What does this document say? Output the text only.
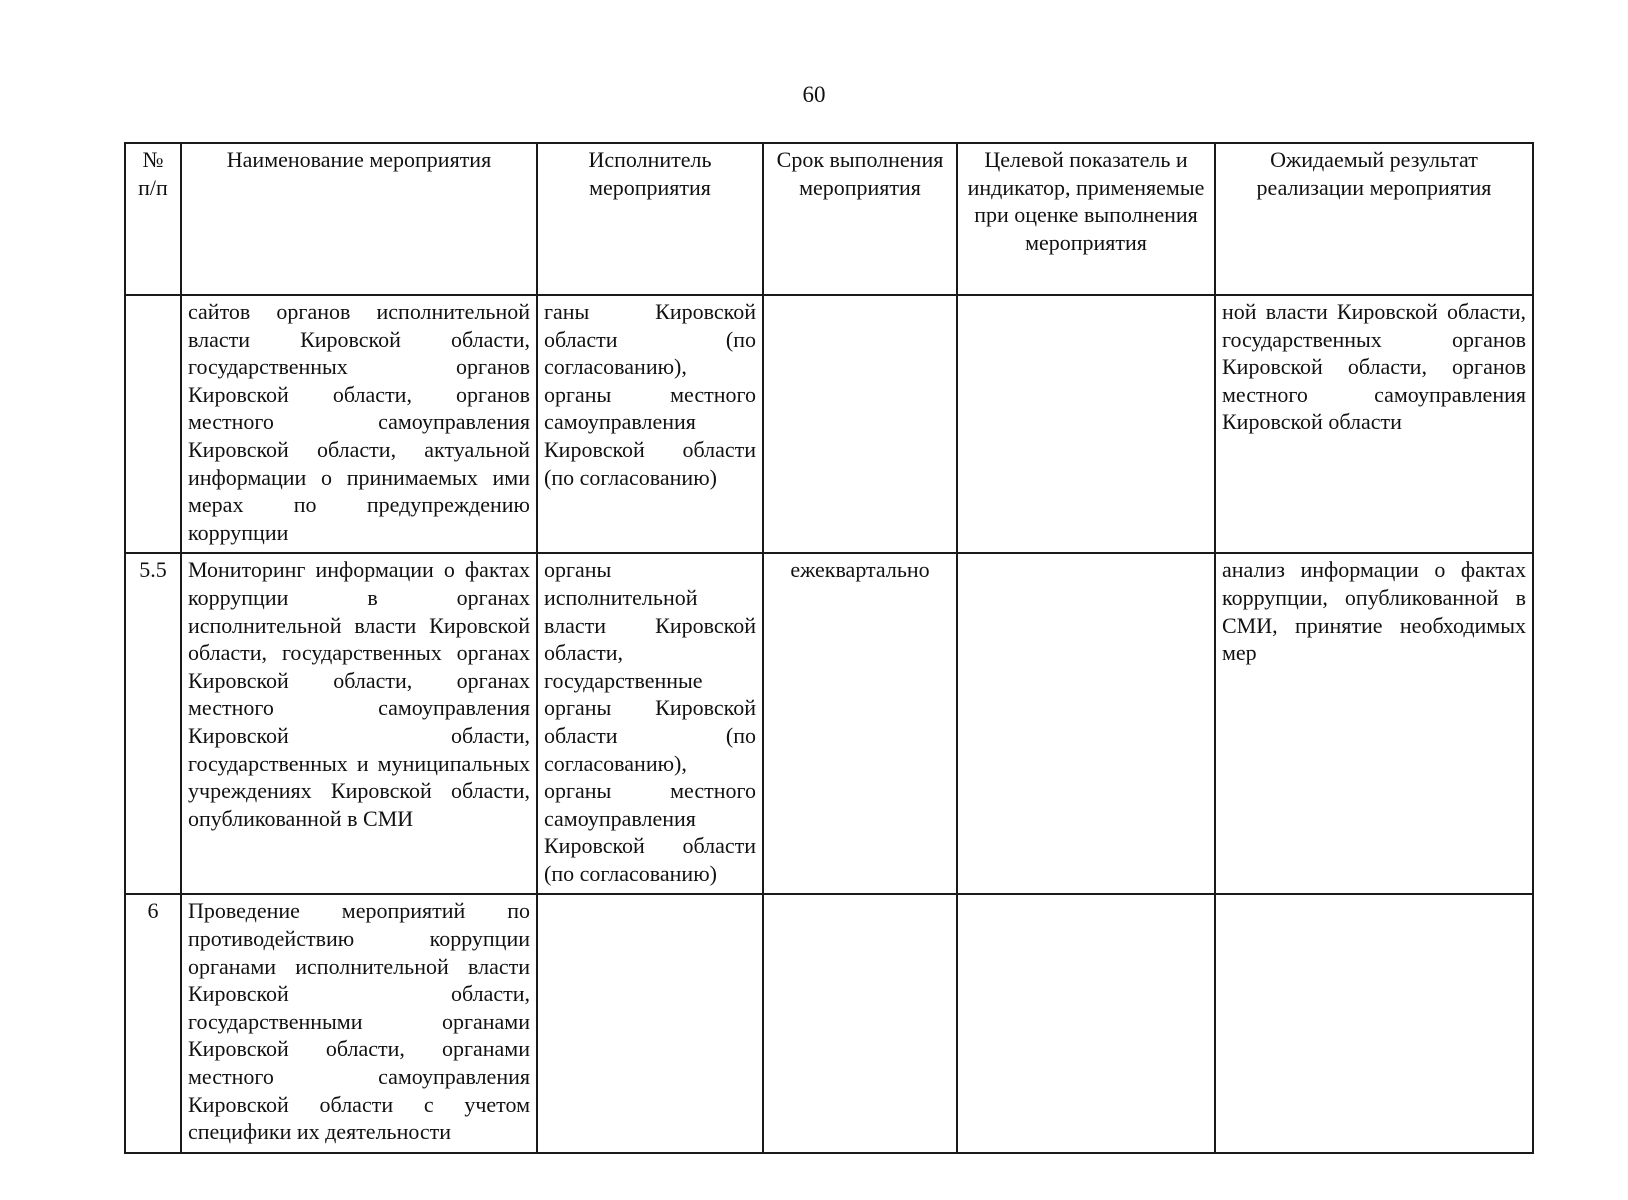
60
№ п/п	Наименование мероприятия	Исполнитель мероприятия	Срок выполнения мероприятия	Целевой показатель и индикатор, применяемые при оценке выполнения мероприятия	Ожидаемый результат реализации мероприятия
	сайтов органов исполнительной власти Кировской области, государственных органов Кировской области, органов местного самоуправления Кировской области, актуальной информации о принимаемых ими мерах по предупреждению коррупции	ганы Кировской области (по согласованию), органы местного самоуправления Кировской области (по согласованию)			ной власти Кировской области, государственных органов Кировской области, органов местного самоуправления Кировской области
5.5	Мониторинг информации о фактах коррупции в органах исполнительной власти Кировской области, государственных органах Кировской области, органах местного самоуправления Кировской области, государственных и муниципальных учреждениях Кировской области, опубликованной в СМИ	органы исполнительной власти Кировской области, государственные органы Кировской области (по согласованию), органы местного самоуправления Кировской области (по согласованию)	ежеквартально		анализ информации о фактах коррупции, опубликованной в СМИ, принятие необходимых мер
6	Проведение мероприятий по противодействию коррупции органами исполнительной власти Кировской области, государственными органами Кировской области, органами местного самоуправления Кировской области с учетом специфики их деятельности				
